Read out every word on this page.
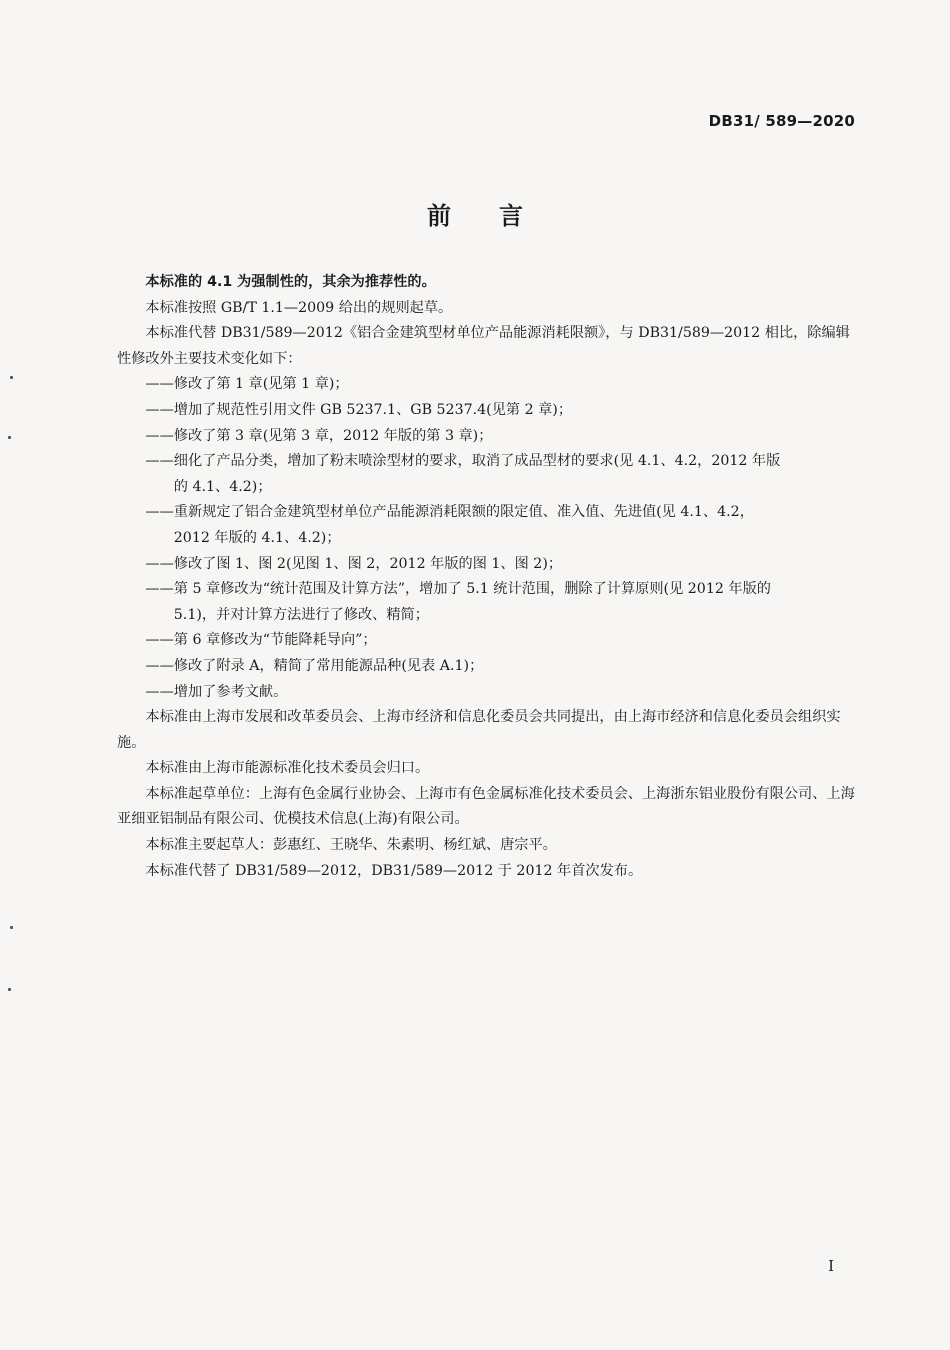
DB31/ 589—2020
前言

本标准的 4.1 为强制性的，其余为推荐性的。

本标准按照 GB/T 1.1—2009 给出的规则起草。

本标准代替 DB31/589—2012《铝合金建筑型材单位产品能源消耗限额》，与 DB31/589—2012 相比，除编辑性修改外主要技术变化如下：

——修改了第 1 章(见第 1 章)；

——增加了规范性引用文件 GB 5237.1、GB 5237.4(见第 2 章)；

——修改了第 3 章(见第 3 章，2012 年版的第 3 章)；

——细化了产品分类，增加了粉末喷涂型材的要求，取消了成品型材的要求(见 4.1、4.2，2012 年版
的 4.1、4.2)；

——重新规定了铝合金建筑型材单位产品能源消耗限额的限定值、准入值、先进值(见 4.1、4.2，
2012 年版的 4.1、4.2)；

——修改了图 1、图 2(见图 1、图 2，2012 年版的图 1、图 2)；

——第 5 章修改为“统计范围及计算方法”，增加了 5.1 统计范围，删除了计算原则(见 2012 年版的
5.1)，并对计算方法进行了修改、精简；

——第 6 章修改为“节能降耗导向”；

——修改了附录 A，精简了常用能源品种(见表 A.1)；

——增加了参考文献。

本标准由上海市发展和改革委员会、上海市经济和信息化委员会共同提出，由上海市经济和信息化委员会组织实施。

本标准由上海市能源标准化技术委员会归口。

本标准起草单位：上海有色金属行业协会、上海市有色金属标准化技术委员会、上海浙东铝业股份有限公司、上海亚细亚铝制品有限公司、优模技术信息(上海)有限公司。

本标准主要起草人：彭惠红、王晓华、朱素明、杨红斌、唐宗平。

本标准代替了 DB31/589—2012，DB31/589—2012 于 2012 年首次发布。

I
